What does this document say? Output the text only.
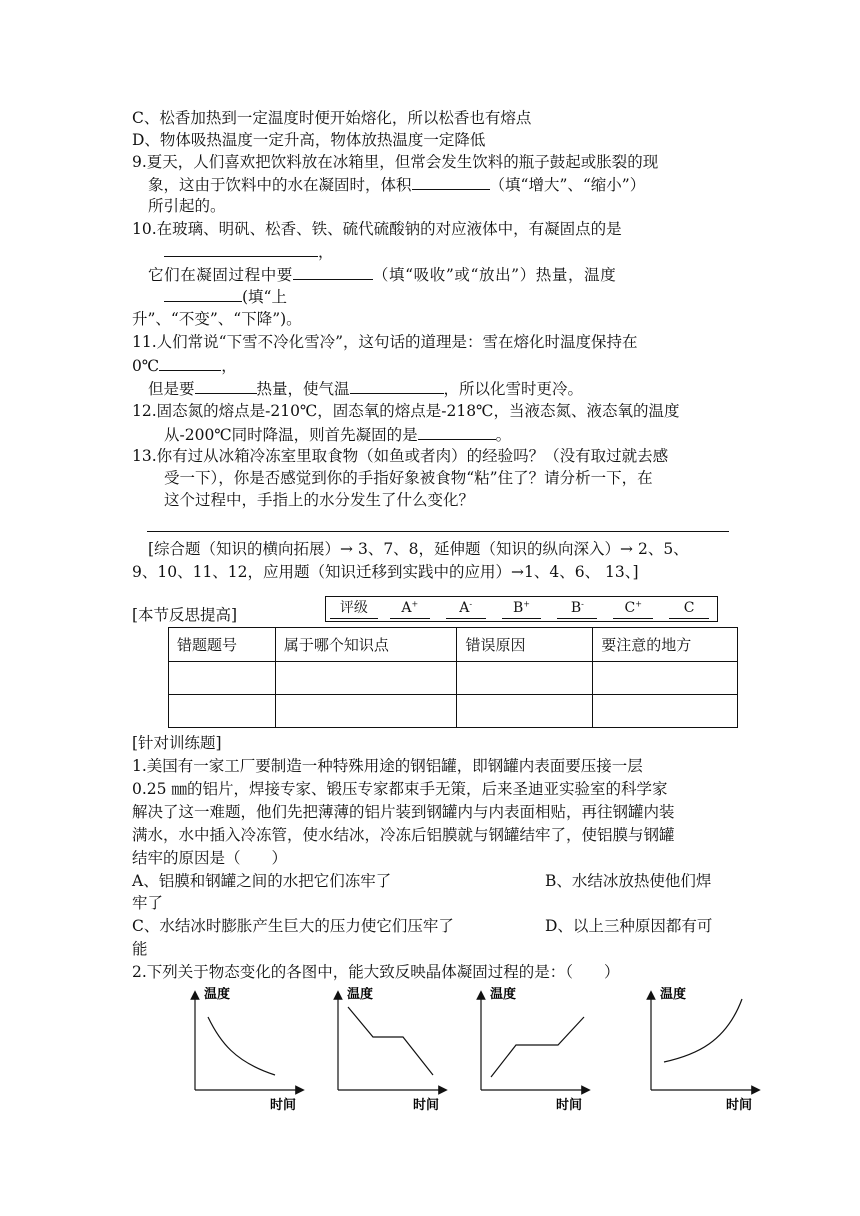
C、松香加热到一定温度时便开始熔化，所以松香也有熔点
D、物体吸热温度一定升高，物体放热温度一定降低
9.夏天，人们喜欢把饮料放在冰箱里，但常会发生饮料的瓶子鼓起或胀裂的现
象，这由于饮料中的水在凝固时，体积	（填“增大”、“缩小”）
所引起的。
10.在玻璃、明矾、松香、铁、硫代硫酸钠的对应液体中，有凝固点的是
，
它们在凝固过程中要	（填“吸收”或“放出”）热量，温度
(填“上
升”、“不变”、“下降”)。
11.人们常说“下雪不冷化雪冷”，这句话的道理是：雪在熔化时温度保持在
0℃	，
但是要	热量，使气温	，所以化雪时更冷。
12.固态氮的熔点是-210℃，固态氧的熔点是-218℃，当液态氮、液态氧的温度
从-200℃同时降温，则首先凝固的是	。
13.你有过从冰箱冷冻室里取食物（如鱼或者肉）的经验吗？（没有取过就去感
受一下），你是否感觉到你的手指好象被食物“粘”住了？请分析一下，在
这个过程中，手指上的水分发生了什么变化？
[综合题（知识的横向拓展）→ 3、7、8，延伸题（知识的纵向深入）→ 2、5、
9、10、11、12，应用题（知识迁移到实践中的应用）→1、4、6、 13、]
[本节反思提高]	评级	A+	A-	B+	B-	C+	C
错题题号	属于哪个知识点	错误原因	要注意的地方

[针对训练题]
1.美国有一家工厂要制造一种特殊用途的钢铝罐，即钢罐内表面要压接一层
0.25 ㎜的铝片，焊接专家、锻压专家都束手无策，后来圣迪亚实验室的科学家
解决了这一难题，他们先把薄薄的铝片装到钢罐内与内表面相贴，再往钢罐内装
满水，水中插入冷冻管，使水结冰，冷冻后铝膜就与钢罐结牢了，使铝膜与钢罐
结牢的原因是（　　）
A、铝膜和钢罐之间的水把它们冻牢了	B、水结冰放热使他们焊
牢了
C、水结冰时膨胀产生巨大的压力使它们压牢了	D、以上三种原因都有可
能
2.下列关于物态变化的各图中，能大致反映晶体凝固过程的是：（　　）
温度
时间
温度
时间
温度
时间
温度
时间
